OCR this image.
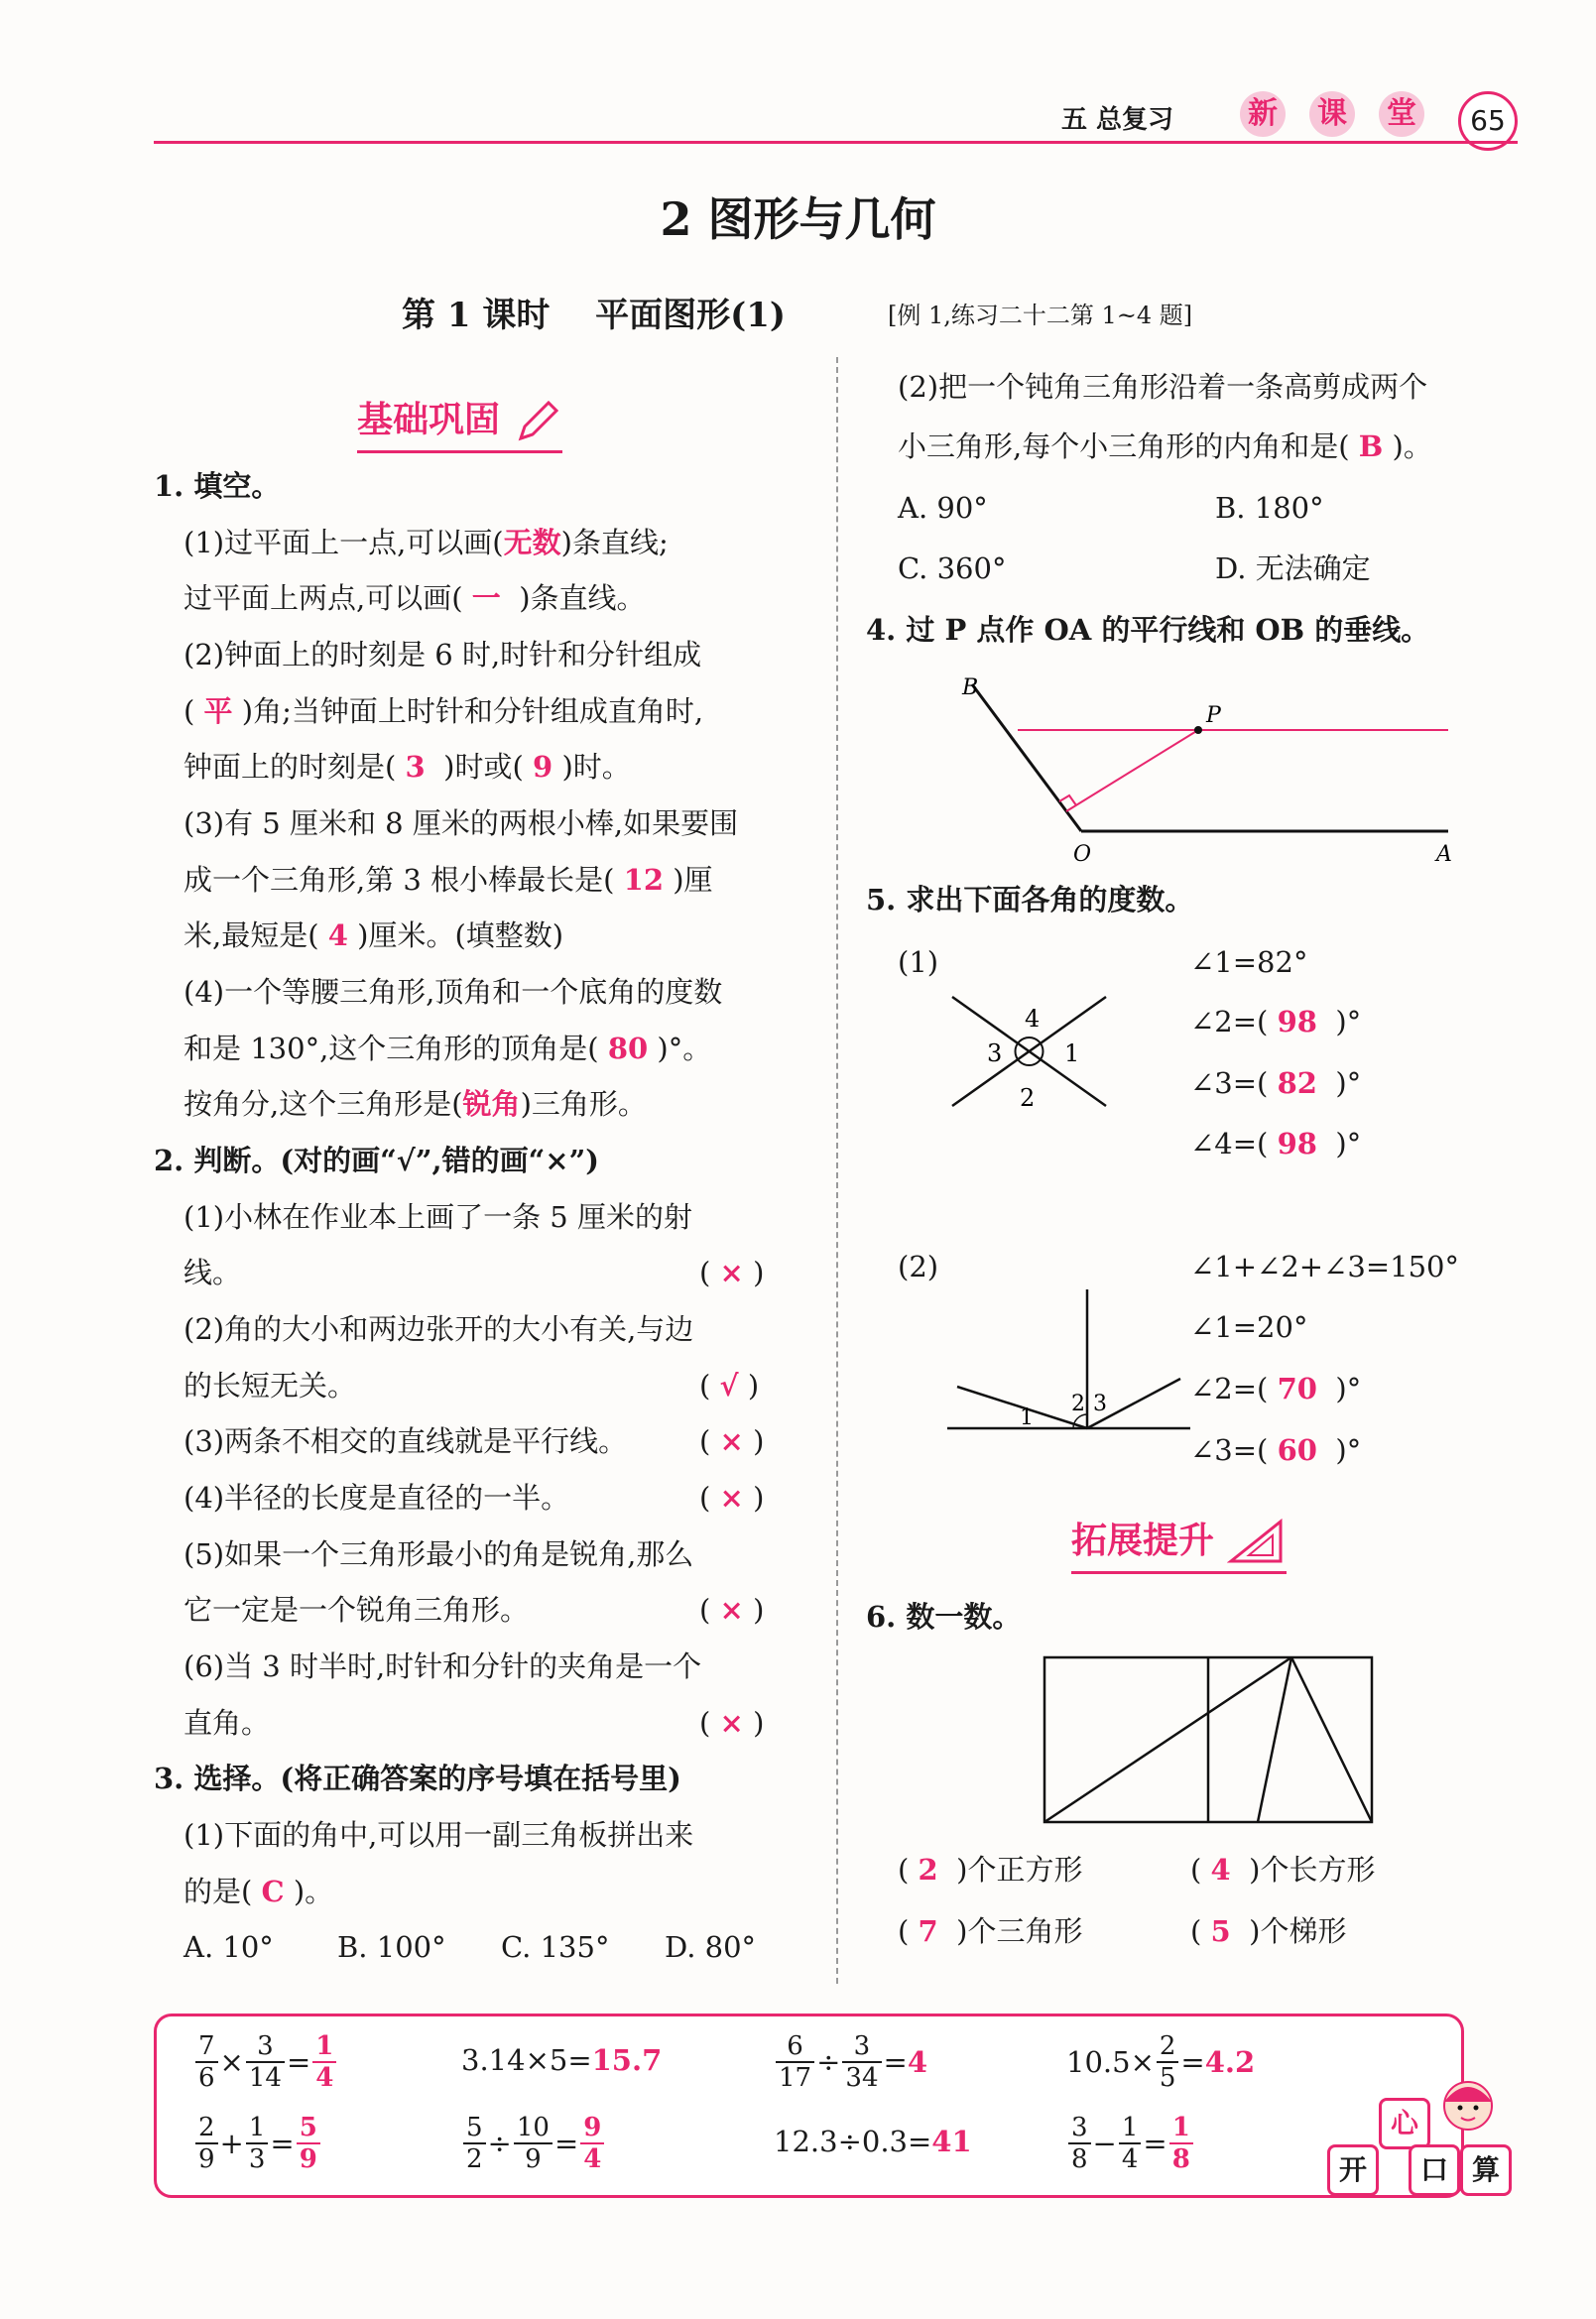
五 总复习 新 课 堂	65
2 图形与几何
第 1 课时　 平面图形(1)	[例 1,练习二十二第 1~4 题]
基础巩固
1. 填空。
(1)过平面上一点,可以画(无数)条直线;
过平面上两点,可以画( 一 )条直线。
(2)钟面上的时刻是 6 时,时针和分针组成
( 平 )角;当钟面上时针和分针组成直角时,
钟面上的时刻是( 3 )时或( 9 )时。
(3)有 5 厘米和 8 厘米的两根小棒,如果要围
成一个三角形,第 3 根小棒最长是( 12 )厘
米,最短是( 4 )厘米。(填整数)
(4)一个等腰三角形,顶角和一个底角的度数
和是 130°,这个三角形的顶角是( 80 )°。
按角分,这个三角形是(锐角)三角形。
2. 判断。(对的画“√”,错的画“×”)
(1)小林在作业本上画了一条 5 厘米的射
线。	( × )
(2)角的大小和两边张开的大小有关,与边
的长短无关。	( √ )
(3)两条不相交的直线就是平行线。	( × )
(4)半径的长度是直径的一半。	( × )
(5)如果一个三角形最小的角是锐角,那么
它一定是一个锐角三角形。	( × )
(6)当 3 时半时,时针和分针的夹角是一个
直角。	( × )
3. 选择。(将正确答案的序号填在括号里)
(1)下面的角中,可以用一副三角板拼出来
的是( C )。
A. 10° B. 100° C. 135° D. 80°
(2)把一个钝角三角形沿着一条高剪成两个
小三角形,每个小三角形的内角和是( B )。
A. 90°	B. 180°
C. 360°	D. 无法确定
4. 过 P 点作 OA 的平行线和 OB 的垂线。
B
P
O	A
5. 求出下面各角的度数。
(1)
1
2
3
4
∠1=82°
∠2=( 98 )°
∠3=( 82 )°
∠4=( 98 )°
(2)
1
2 3
∠1+∠2+∠3=150°
∠1=20°
∠2=( 70 )°
∠3=( 60 )°
拓展提升
6. 数一数。
( 2 )个正方形	( 4 )个长方形
( 7 )个三角形	( 5 )个梯形
$\frac{7}{6} \times \frac{3}{14} = \frac{1}{4}$	3.14×5= 15.7	$\frac{6}{17} \div \frac{3}{34} = 4$	$10.5\times \frac{2}{5} = 4.2$
$\frac{2}{9} + \frac{1}{3} = \frac{5}{9}$	$\frac{5}{2} \div \frac{10}{9} = \frac{9}{4}$	12.3÷0.3= 41	$\frac{3}{8} - \frac{1}{4} = \frac{1}{8}$	开
心
口 算
